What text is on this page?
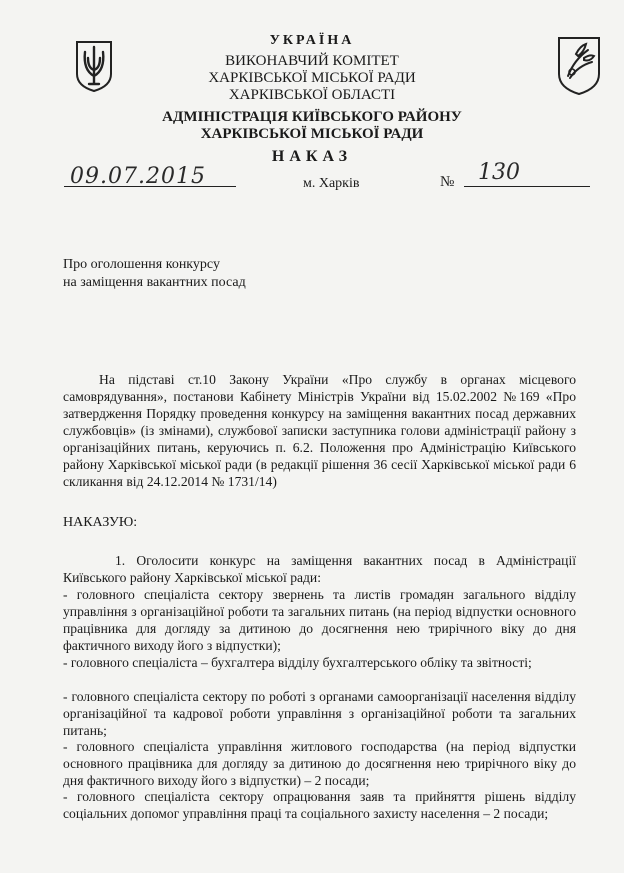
УКРАЇНА
ВИКОНАВЧИЙ КОМІТЕТ
ХАРКІВСЬКОЇ МІСЬКОЇ РАДИ
ХАРКІВСЬКОЇ ОБЛАСТІ
АДМІНІСТРАЦІЯ КИЇВСЬКОГО РАЙОНУ
ХАРКІВСЬКОЇ МІСЬКОЇ РАДИ
НАКАЗ
09.07.2015	м. Харків	№ 130
Про оголошення конкурсу
на заміщення вакантних посад
На підставі ст.10 Закону України «Про службу в органах місцевого самоврядування», постанови Кабінету Міністрів України від 15.02.2002 №169 «Про затвердження Порядку проведення конкурсу на заміщення вакантних посад державних службовців» (із змінами), службової записки заступника голови адміністрації району з організаційних питань, керуючись п. 6.2. Положення про Адміністрацію Київського району Харківської міської ради (в редакції рішення 36 сесії Харківської міської ради 6 скликання від 24.12.2014 № 1731/14)
НАКАЗУЮ:
1. Оголосити конкурс на заміщення вакантних посад в Адміністрації Київського району Харківської міської ради:
- головного спеціаліста сектору звернень та листів громадян загального відділу управління з організаційної роботи та загальних питань (на період відпустки основного працівника для догляду за дитиною до досягнення нею трирічного віку до дня фактичного виходу його з відпустки);
- головного спеціаліста – бухгалтера відділу бухгалтерського обліку та звітності;
- головного спеціаліста сектору по роботі з органами самоорганізації населення відділу організаційної та кадрової роботи управління з організаційної роботи та загальних питань;
- головного спеціаліста управління житлового господарства (на період відпустки основного працівника для догляду за дитиною до досягнення нею трирічного віку до дня фактичного виходу його з відпустки) – 2 посади;
- головного спеціаліста сектору опрацювання заяв та прийняття рішень відділу соціальних допомог управління праці та соціального захисту населення – 2 посади;
